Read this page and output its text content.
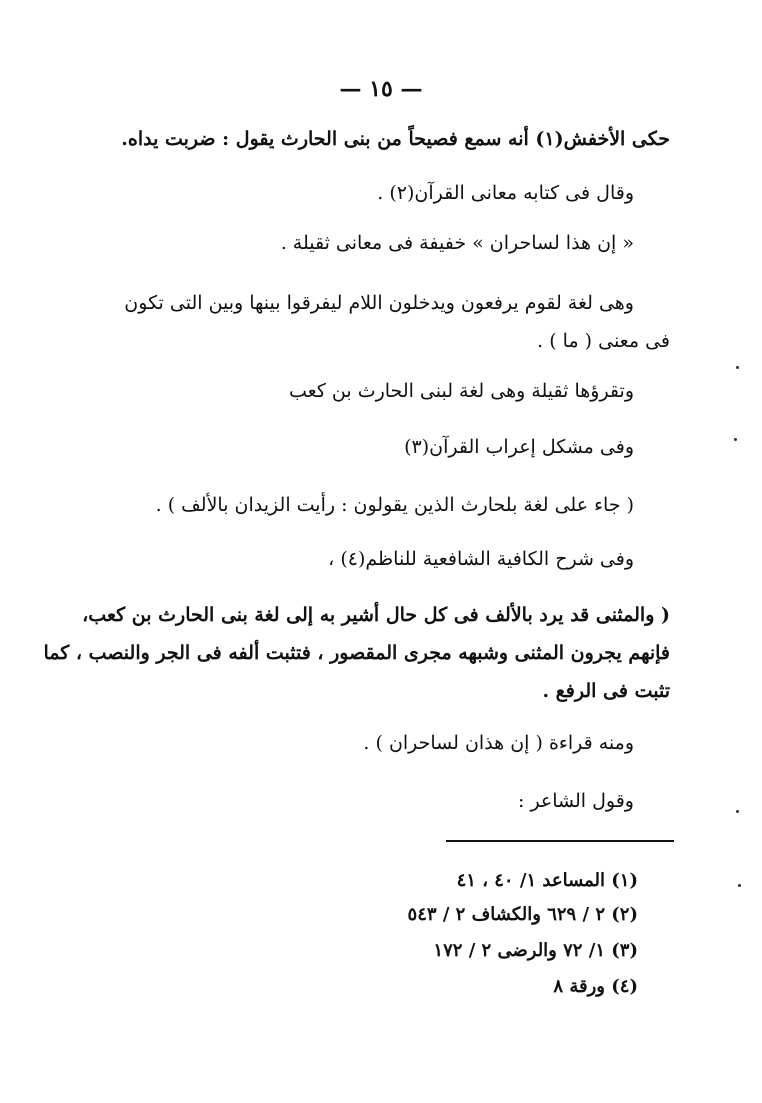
— ١٥ —
حكى الأخفش(١) أنه سمع فصيحاً من بنى الحارث يقول : ضربت يداه.
وقال فى كتابه معانى القرآن(٢) .
« إن هذا لساحران » خفيفة فى معانى ثقيلة .
وهى لغة لقوم يرفعون ويدخلون اللام ليفرقوا بينها وبين التى تكون
فى معنى ( ما ) .
وتقرؤها ثقيلة وهى لغة لبنى الحارث بن كعب
وفى مشكل إعراب القرآن(٣)
( جاء على لغة بلحارث الذين يقولون : رأيت الزيدان بالألف ) .
وفى شرح الكافية الشافعية للناظم(٤) ،
( والمثنى قد يرد بالألف فى كل حال أشير به إلى لغة بنى الحارث بن كعب،
فإنهم يجرون المثنى وشبهه مجرى المقصور ، فتثبت ألفه فى الجر والنصب ، كما
تثبت فى الرفع .
ومنه قراءة ( إن هذان لساحران ) .
وقول الشاعر :
(١) المساعد ١/ ٤٠ ، ٤١
(٢) ٢ / ٦٢٩ والكشاف ٢ / ٥٤٣
(٣) ١/ ٧٢ والرضى ٢ / ١٧٢
(٤) ورقة ٨
